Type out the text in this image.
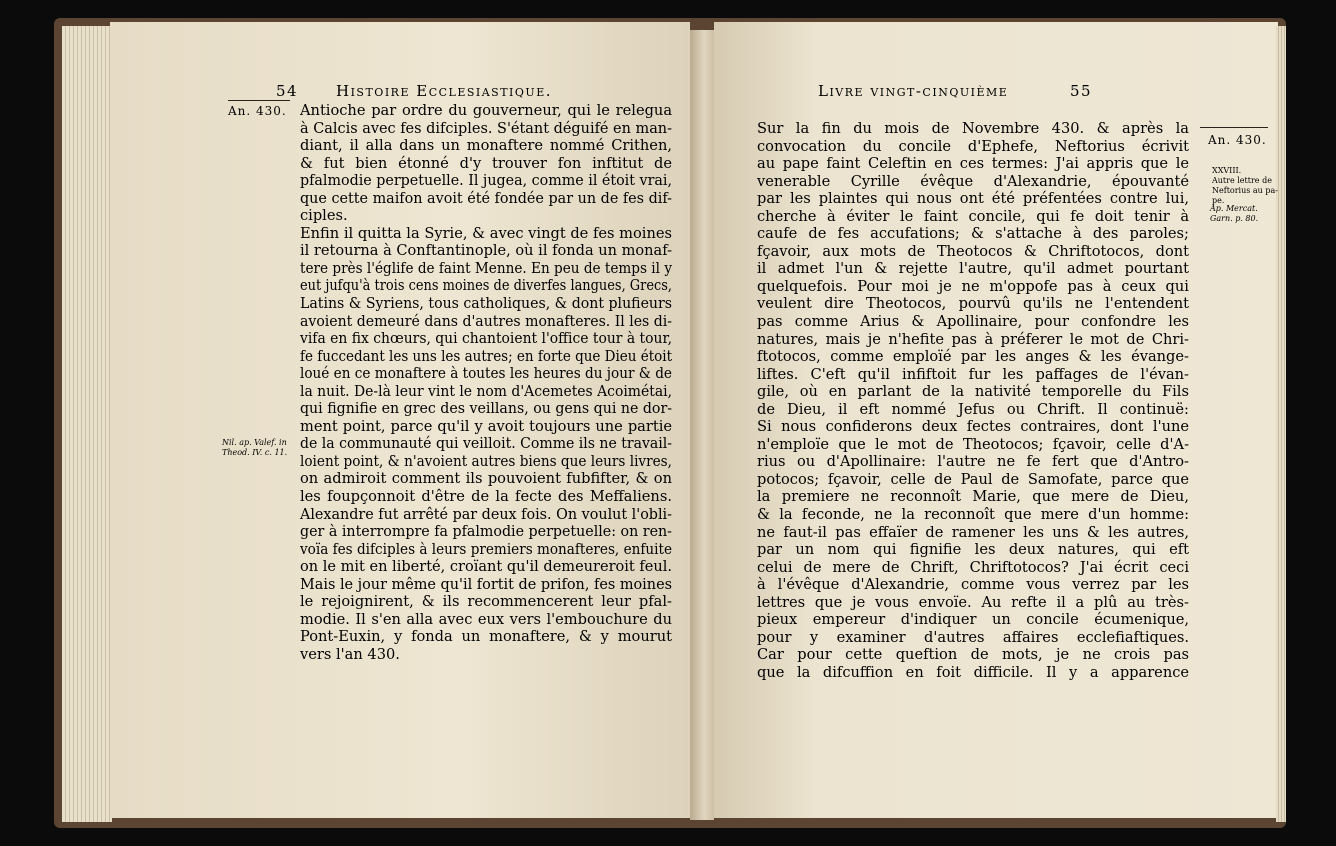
54	Histoire Ecclesiastique.
An. 430.
Nil. ap. Valef. in
Theod. IV. c. 11.
Antioche par ordre du gouverneur, qui le relegua
à Calcis avec fes difciples. S'étant déguifé en man-
diant, il alla dans un monaftere nommé Crithen,
& fut bien étonné d'y trouver fon inftitut de
pfalmodie perpetuelle. Il jugea, comme il étoit vrai,
que cette maifon avoit été fondée par un de fes dif-
ciples.
Enfin il quitta la Syrie, & avec vingt de fes moines
il retourna à Conftantinople, où il fonda un monaf-
tere près l'églife de faint Menne. En peu de temps il y
eut jufqu'à trois cens moines de diverfes langues, Grecs,
Latins & Syriens, tous catholiques, & dont plufieurs
avoient demeuré dans d'autres monafteres. Il les di-
vifa en fix chœurs, qui chantoient l'office tour à tour,
fe fuccedant les uns les autres; en forte que Dieu étoit
loué en ce monaftere à toutes les heures du jour & de
la nuit. De-là leur vint le nom d'Acemetes Acoimétai,
qui fignifie en grec des veillans, ou gens qui ne dor-
ment point, parce qu'il y avoit toujours une partie
de la communauté qui veilloit. Comme ils ne travail-
loient point, & n'avoient autres biens que leurs livres,
on admiroit comment ils pouvoient fubfifter, & on
les foupçonnoit d'être de la fecte des Meffaliens.
Alexandre fut arrêté par deux fois. On voulut l'obli-
ger à interrompre fa pfalmodie perpetuelle: on ren-
voïa fes difciples à leurs premiers monafteres, enfuite
on le mit en liberté, croïant qu'il demeureroit feul.
Mais le jour même qu'il fortit de prifon, fes moines
le rejoignirent, & ils recommencerent leur pfal-
modie. Il s'en alla avec eux vers l'embouchure du
Pont-Euxin, y fonda un monaftere, & y mourut
vers l'an 430.
Livre vingt-cinquième	55
An. 430.
XXVIII.
Autre lettre de
Neftorius au pa-
pe.
Ap. Mercat.
Garn. p. 80.
Sur la fin du mois de Novembre 430. & après la
convocation du concile d'Ephefe, Neftorius écrivit
au pape faint Celeftin en ces termes: J'ai appris que le
venerable Cyrille évêque d'Alexandrie, épouvanté
par les plaintes qui nous ont été préfentées contre lui,
cherche à éviter le faint concile, qui fe doit tenir à
caufe de fes accufations; & s'attache à des paroles;
fçavoir, aux mots de Theotocos & Chriftotocos, dont
il admet l'un & rejette l'autre, qu'il admet pourtant
quelquefois. Pour moi je ne m'oppofe pas à ceux qui
veulent dire Theotocos, pourvû qu'ils ne l'entendent
pas comme Arius & Apollinaire, pour confondre les
natures, mais je n'hefite pas à préferer le mot de Chri-
ftotocos, comme emploïé par les anges & les évange-
liftes. C'eft qu'il infiftoit fur les paffages de l'évan-
gile, où en parlant de la nativité temporelle du Fils
de Dieu, il eft nommé Jefus ou Chrift. Il continuë:
Si nous confiderons deux fectes contraires, dont l'une
n'emploïe que le mot de Theotocos; fçavoir, celle d'A-
rius ou d'Apollinaire: l'autre ne fe fert que d'Antro-
potocos; fçavoir, celle de Paul de Samofate, parce que
la premiere ne reconnoît Marie, que mere de Dieu,
& la feconde, ne la reconnoît que mere d'un homme:
ne faut-il pas effaïer de ramener les uns & les autres,
par un nom qui fignifie les deux natures, qui eft
celui de mere de Chrift, Chriftotocos? J'ai écrit ceci
à l'évêque d'Alexandrie, comme vous verrez par les
lettres que je vous envoïe. Au refte il a plû au très-
pieux empereur d'indiquer un concile écumenique,
pour y examiner d'autres affaires ecclefiaftiques.
Car pour cette queftion de mots, je ne crois pas
que la difcuffion en foit difficile. Il y a apparence
